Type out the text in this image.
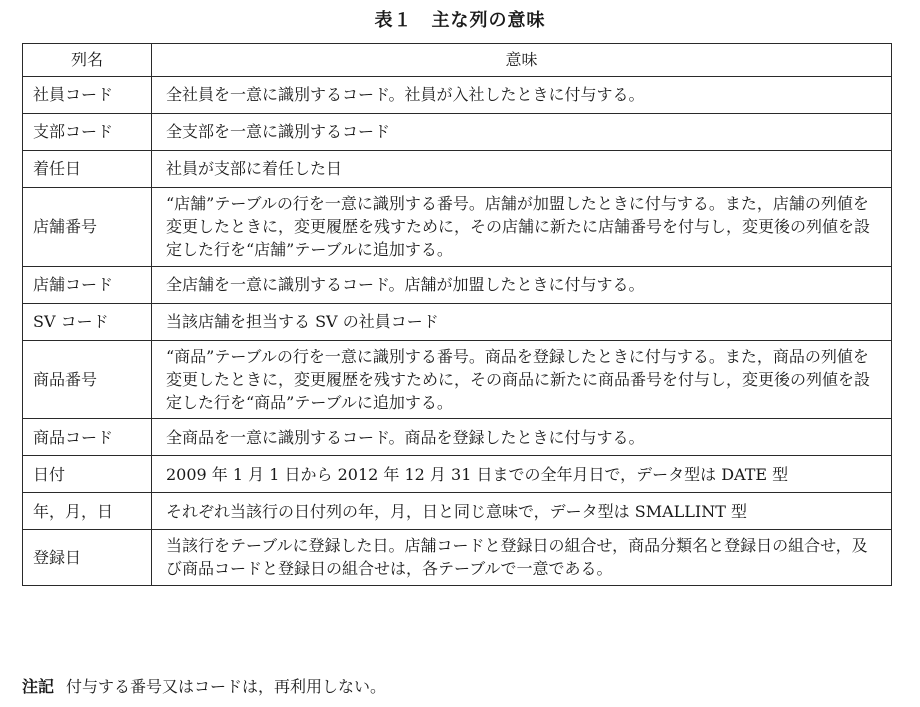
表１　主な列の意味
列名	意味
社員コード	全社員を一意に識別するコード。社員が入社したときに付与する。
支部コード	全支部を一意に識別するコード
着任日	社員が支部に着任した日
店舗番号	“店舗”テーブルの行を一意に識別する番号。店舗が加盟したときに付与する。また，店舗の列値を変更したときに，変更履歴を残すために，その店舗に新たに店舗番号を付与し，変更後の列値を設定した行を“店舗”テーブルに追加する。
店舗コード	全店舗を一意に識別するコード。店舗が加盟したときに付与する。
SV コード	当該店舗を担当する SV の社員コード
商品番号	“商品”テーブルの行を一意に識別する番号。商品を登録したときに付与する。また，商品の列値を変更したときに，変更履歴を残すために，その商品に新たに商品番号を付与し，変更後の列値を設定した行を“商品”テーブルに追加する。
商品コード	全商品を一意に識別するコード。商品を登録したときに付与する。
日付	2009 年 1 月 1 日から 2012 年 12 月 31 日までの全年月日で，データ型は DATE 型
年，月，日	それぞれ当該行の日付列の年，月，日と同じ意味で，データ型は SMALLINT 型
登録日	当該行をテーブルに登録した日。店舗コードと登録日の組合せ，商品分類名と登録日の組合せ，及び商品コードと登録日の組合せは，各テーブルで一意である。
注記 付与する番号又はコードは，再利用しない。
